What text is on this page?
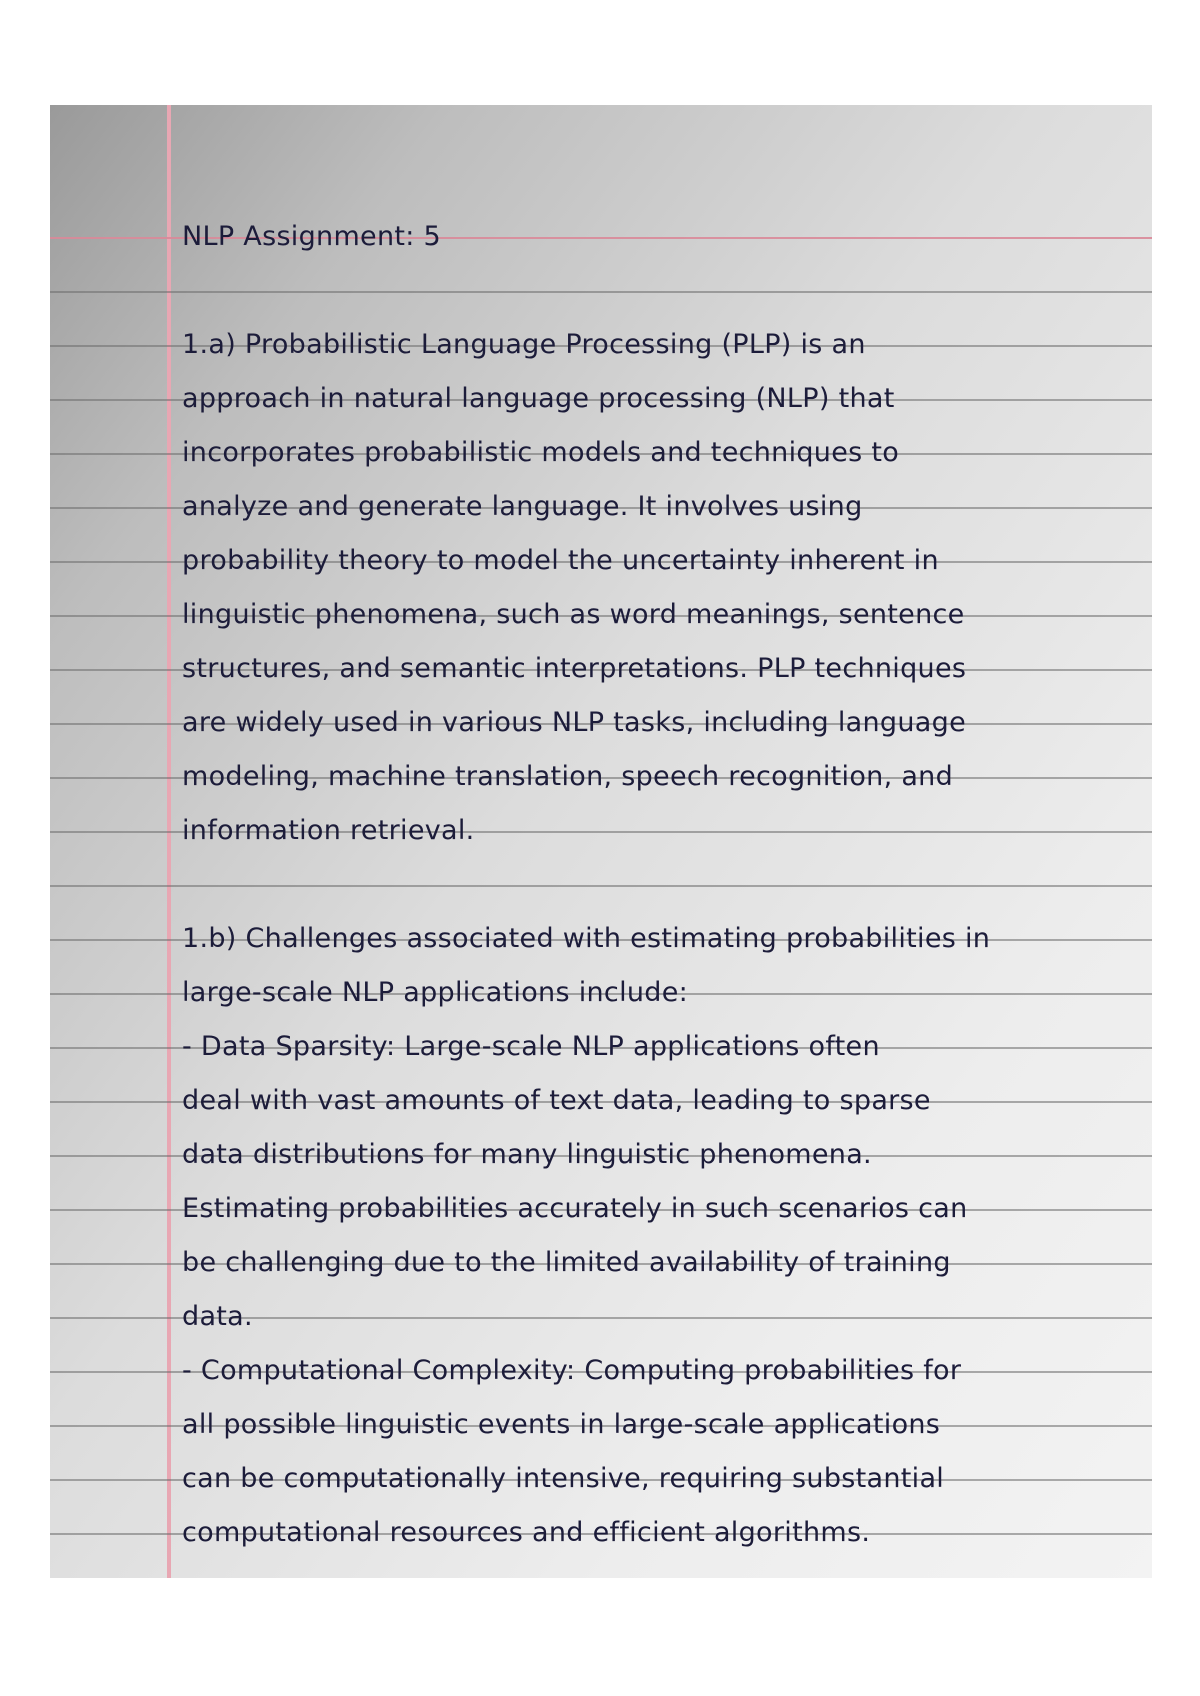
NLP Assignment: 5
1.a) Probabilistic Language Processing (PLP) is an
approach in natural language processing (NLP) that
incorporates probabilistic models and techniques to
analyze and generate language. It involves using
probability theory to model the uncertainty inherent in
linguistic phenomena, such as word meanings, sentence
structures, and semantic interpretations. PLP techniques
are widely used in various NLP tasks, including language
modeling, machine translation, speech recognition, and
information retrieval.
1.b) Challenges associated with estimating probabilities in
large-scale NLP applications include:
- Data Sparsity: Large-scale NLP applications often
deal with vast amounts of text data, leading to sparse
data distributions for many linguistic phenomena.
Estimating probabilities accurately in such scenarios can
be challenging due to the limited availability of training
data.
- Computational Complexity: Computing probabilities for
all possible linguistic events in large-scale applications
can be computationally intensive, requiring substantial
computational resources and efficient algorithms.
